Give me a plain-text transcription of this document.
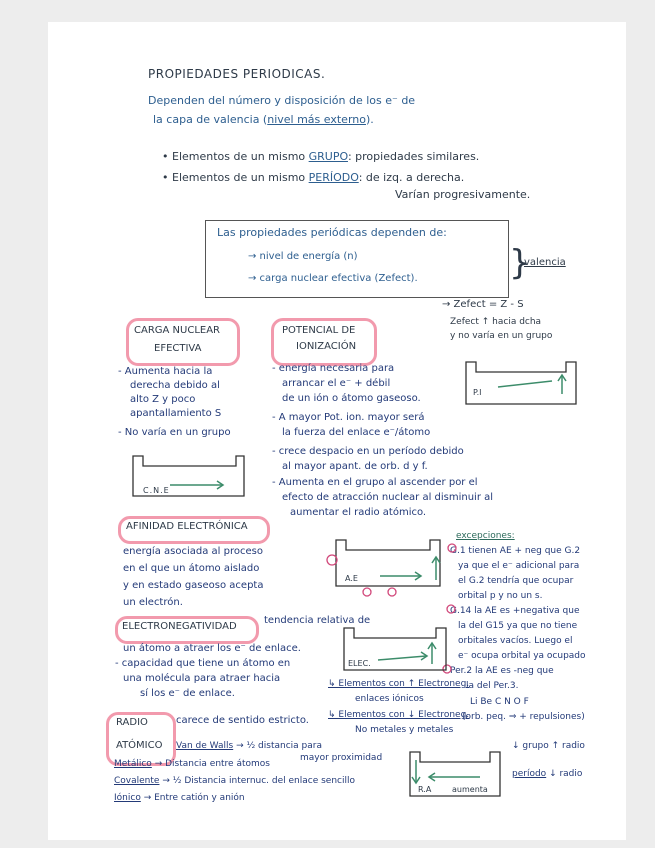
PROPIEDADES PERIODICAS.
Dependen del número y disposición de los e⁻ de
la capa de valencia (nivel más externo).
• Elementos de un mismo GRUPO: propiedades similares.
• Elementos de un mismo PERÍODO: de izq. a derecha.
Varían progresivamente.
Las propiedades periódicas dependen de:
→ nivel de energía (n)
→ carga nuclear efectiva (Zefect).	}
valencia
→ Zefect = Z - S
Zefect ↑ hacia dcha
y no varía en un grupo
CARGA NUCLEAR
EFECTIVA
- Aumenta hacia la
derecha debido al
alto Z y poco
apantallamiento S
- No varía en un grupo
POTENCIAL DE
IONIZACIÓN
- energía necesaria para
arrancar el e⁻ + débil
de un ión o átomo gaseoso.
- A mayor Pot. ion. mayor será
la fuerza del enlace e⁻/átomo
- crece despacio en un período debido
al mayor apant. de orb. d y f.
- Aumenta en el grupo al ascender por el
efecto de atracción nuclear al disminuir al
aumentar el radio atómico.
AFINIDAD ELECTRÓNICA
energía asociada al proceso
en el que un átomo aislado
y en estado gaseoso acepta
un electrón.
excepciones:
G.1 tienen AE + neg que G.2
ya que el e⁻ adicional para
el G.2 tendría que ocupar
orbital p y no un s.
G.14 la AE es +negativa que
la del G15 ya que no tiene
orbitales vacíos. Luego el
e⁻ ocupa orbital ya ocupado
Per.2 la AE es -neg que
la del Per.3.
Li Be C N O F
(orb. peq. ⇒ + repulsiones)
ELECTRONEGATIVIDAD
tendencia relativa de
un átomo a atraer los e⁻ de enlace.
- capacidad que tiene un átomo en
una molécula para atraer hacia
sí los e⁻ de enlace.
↳ Elementos con ↑ Electroneg.
enlaces iónicos
↳ Elementos con ↓ Electroneg.
No metales y metales
RADIO
ATÓMICO
carece de sentido estricto.
Van de Walls → ½ distancia para
mayor proximidad
Metálico → Distancia entre átomos
Covalente → ½ Distancia internuc. del enlace sencillo
Iónico → Entre catión y anión
↓ grupo ↑ radio
período ↓ radio
C.N.E
P.I
A.E
ELEC.
R.A	aumenta
